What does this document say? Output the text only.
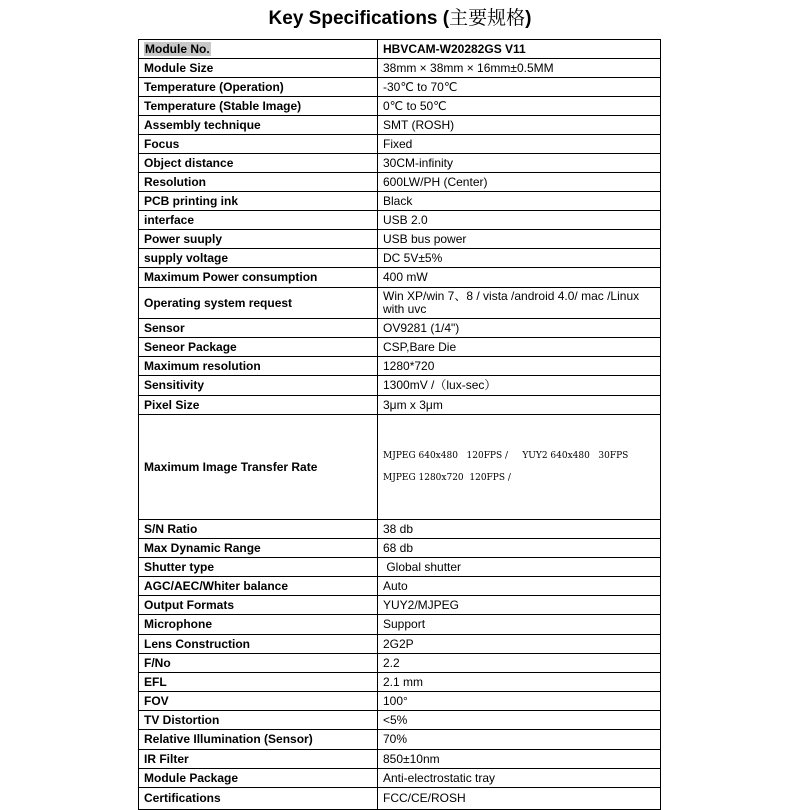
Key Specifications (主要规格)
Module No.	HBVCAM-W20282GS V11
Module Size	38mm × 38mm × 16mm±0.5MM
Temperature (Operation)	-30℃ to 70℃
Temperature (Stable Image)	0℃ to 50℃
Assembly technique	SMT (ROSH)
Focus	Fixed
Object distance	30CM-infinity
Resolution	600LW/PH (Center)
PCB printing ink	Black
interface	USB 2.0
Power suuply	USB bus power
supply voltage	DC 5V±5%
Maximum Power consumption	400 mW
Operating system request	Win XP/win 7、8 / vista /android 4.0/ mac /Linux with uvc
Sensor	OV9281 (1/4")
Seneor Package	CSP,Bare Die
Maximum resolution	1280*720
Sensitivity	1300mV /（lux-sec）
Pixel Size	3μm x 3μm
Maximum Image Transfer Rate	MJPEG 640x480   120FPS /     YUY2 640x480   30FPS
MJPEG 1280x720  120FPS /

S/N Ratio	38 db
Max Dynamic Range	68 db
Shutter type	Global shutter
AGC/AEC/Whiter balance	Auto
Output Formats	YUY2/MJPEG
Microphone	Support
Lens Construction	2G2P
F/No	2.2
EFL	2.1 mm
FOV	100°
TV Distortion	<5%
Relative Illumination (Sensor)	70%
IR Filter	850±10nm
Module Package	Anti-electrostatic tray
Certifications	FCC/CE/ROSH
